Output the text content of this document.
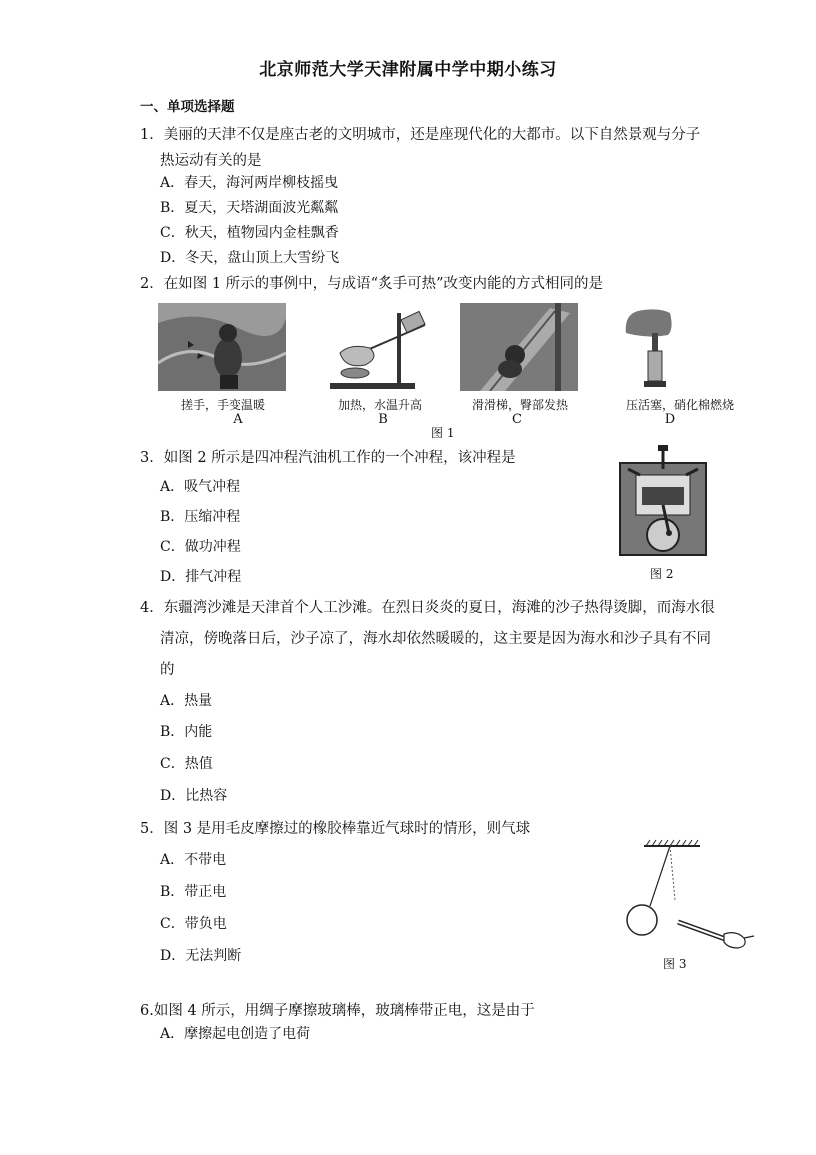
北京师范大学天津附属中学中期小练习
一、单项选择题
1．美丽的天津不仅是座古老的文明城市，还是座现代化的大都市。以下自然景观与分子
热运动有关的是
A．春天，海河两岸柳枝摇曳
B．夏天，天塔湖面波光粼粼
C．秋天，植物园内金桂飘香
D．冬天，盘山顶上大雪纷飞
2．在如图 1 所示的事例中，与成语“炙手可热”改变内能的方式相同的是
搓手，手变温暖	加热，水温升高	滑滑梯，臀部发热	压活塞，硝化棉燃烧
A	B	C	D
图 1
3．如图 2 所示是四冲程汽油机工作的一个冲程，该冲程是
A．吸气冲程
B．压缩冲程
C．做功冲程
D．排气冲程	图 2
4．东疆湾沙滩是天津首个人工沙滩。在烈日炎炎的夏日，海滩的沙子热得烫脚，而海水很
清凉，傍晚落日后，沙子凉了，海水却依然暖暖的，这主要是因为海水和沙子具有不同
的
A．热量
B．内能
C．热值
D．比热容
5．图 3 是用毛皮摩擦过的橡胶棒靠近气球时的情形，则气球
A．不带电
B．带正电
C．带负电
D．无法判断	图 3
6.如图 4 所示，用绸子摩擦玻璃棒，玻璃棒带正电，这是由于
A．摩擦起电创造了电荷
